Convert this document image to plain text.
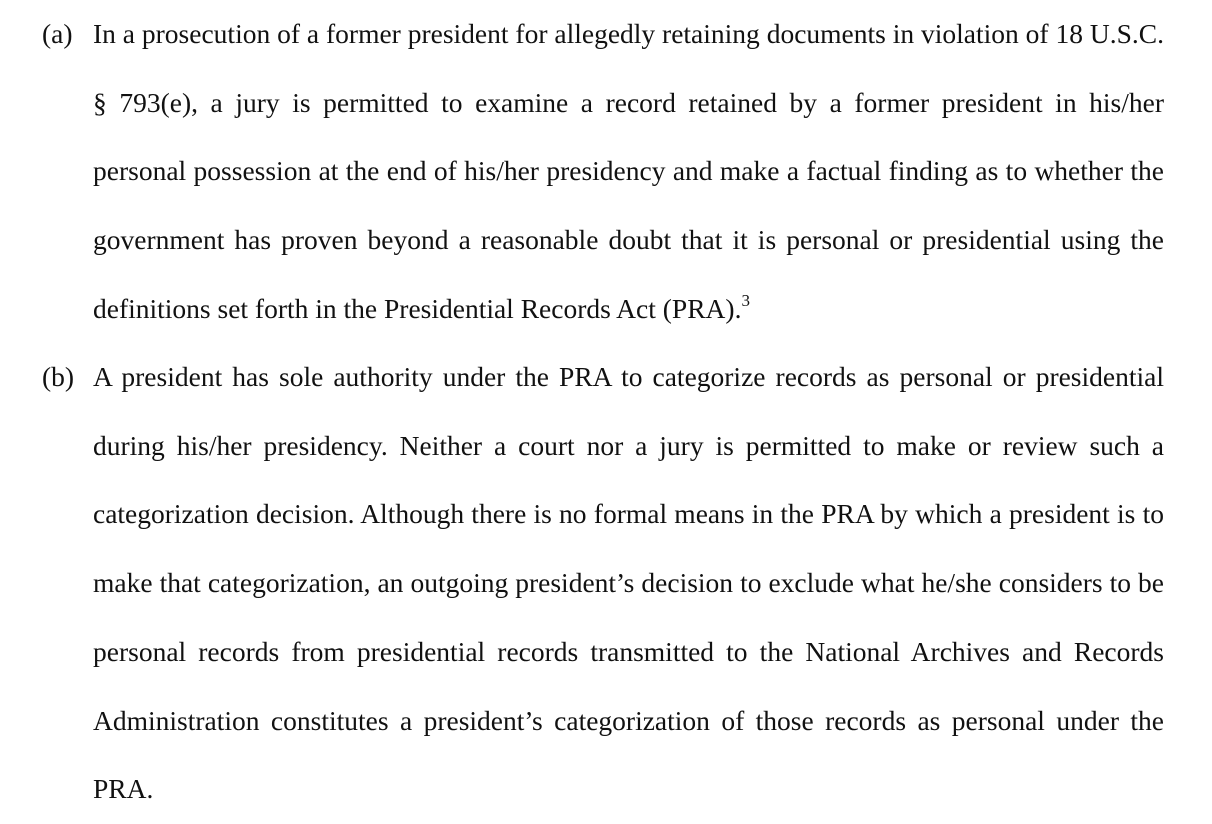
(a) In a prosecution of a former president for allegedly retaining documents in violation of 18 U.S.C. § 793(e), a jury is permitted to examine a record retained by a former president in his/her personal possession at the end of his/her presidency and make a factual finding as to whether the government has proven beyond a reasonable doubt that it is personal or presidential using the definitions set forth in the Presidential Records Act (PRA).$^3$
(b) A president has sole authority under the PRA to categorize records as personal or presidential during his/her presidency. Neither a court nor a jury is permitted to make or review such a categorization decision. Although there is no formal means in the PRA by which a president is to make that categorization, an outgoing president’s decision to exclude what he/she considers to be personal records from presidential records transmitted to the National Archives and Records Administration constitutes a president’s categorization of those records as personal under the PRA.
